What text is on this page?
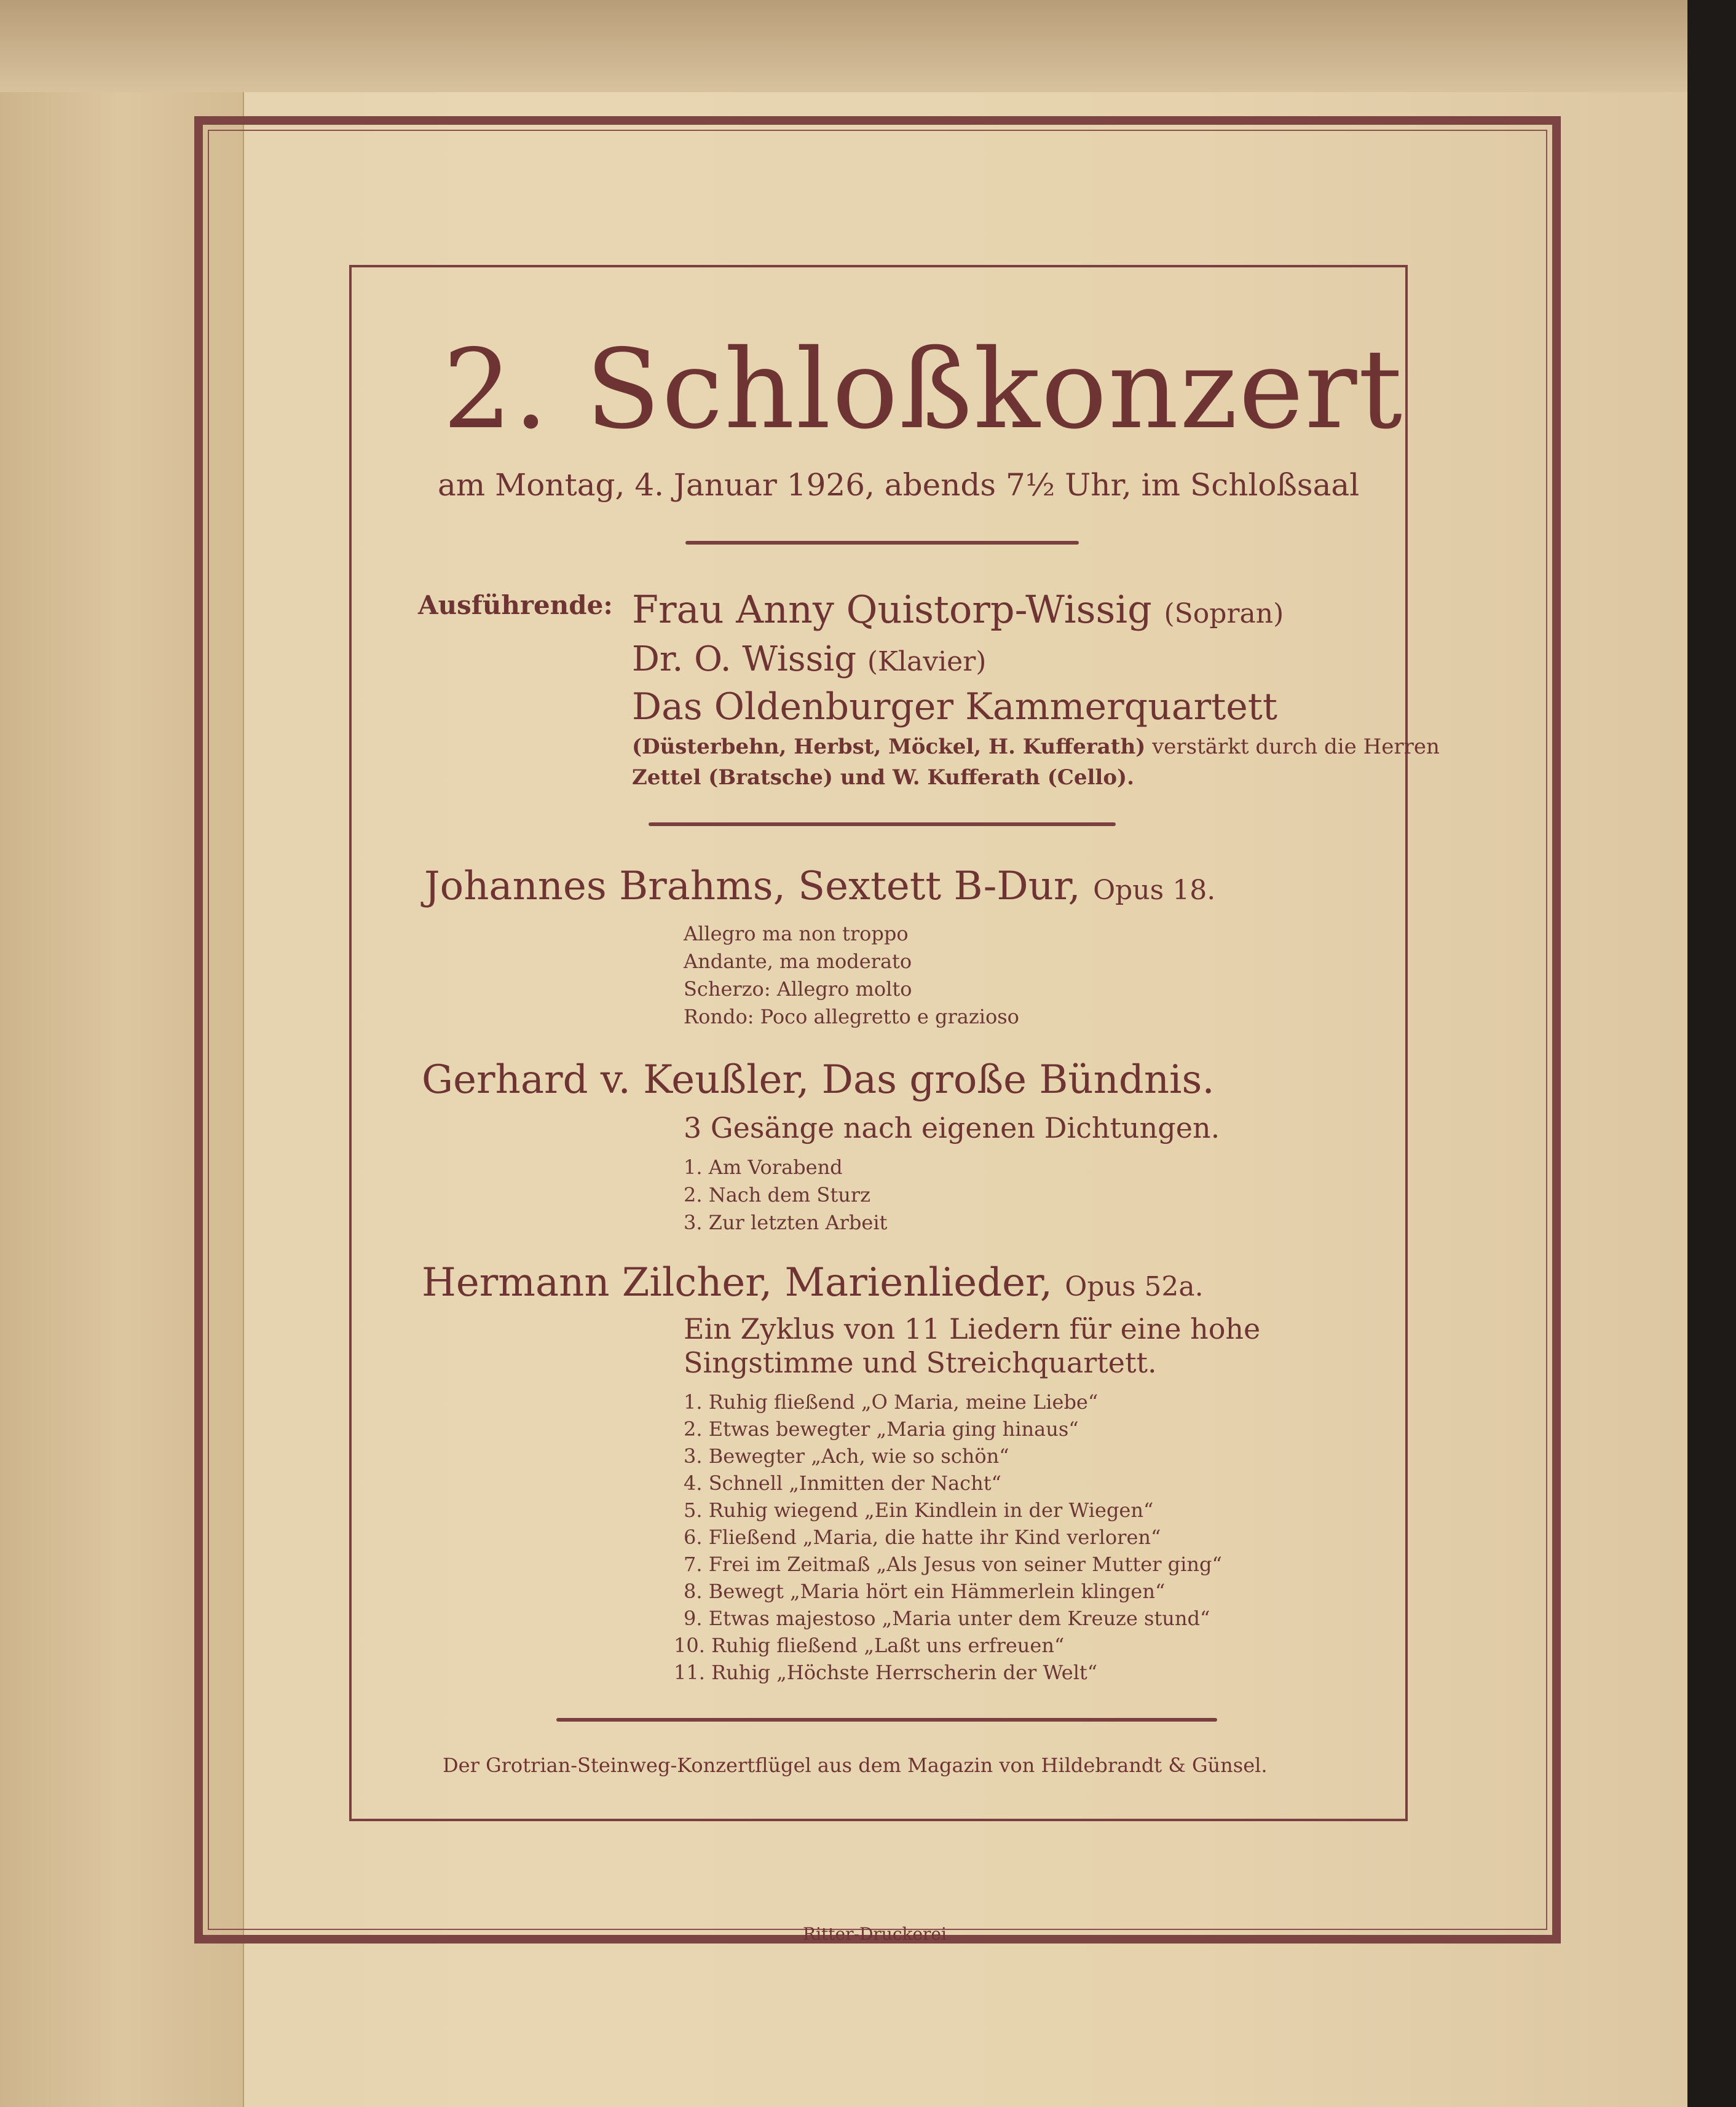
2. Schloßkonzert
am Montag, 4. Januar 1926, abends 7½ Uhr, im Schloßsaal
Ausführende: Frau Anny Quistorp-Wissig (Sopran)
Dr. O. Wissig (Klavier)
Das Oldenburger Kammerquartett
(Düsterbehn, Herbst, Möckel, H. Kufferath) verstärkt durch die Herren
Zettel (Bratsche) und W. Kufferath (Cello).
Johannes Brahms, Sextett B-Dur, Opus 18.
Allegro ma non troppo
Andante, ma moderato
Scherzo: Allegro molto
Rondo: Poco allegretto e grazioso
Gerhard v. Keußler, Das große Bündnis.
3 Gesänge nach eigenen Dichtungen.
1. Am Vorabend
2. Nach dem Sturz
3. Zur letzten Arbeit
Hermann Zilcher, Marienlieder, Opus 52a.
Ein Zyklus von 11 Liedern für eine hohe
Singstimme und Streichquartett.
1. Ruhig fließend „O Maria, meine Liebe“
2. Etwas bewegter „Maria ging hinaus“
3. Bewegter „Ach, wie so schön“
4. Schnell „Inmitten der Nacht“
5. Ruhig wiegend „Ein Kindlein in der Wiegen“
6. Fließend „Maria, die hatte ihr Kind verloren“
7. Frei im Zeitmaß „Als Jesus von seiner Mutter ging“
8. Bewegt „Maria hört ein Hämmerlein klingen“
9. Etwas majestoso „Maria unter dem Kreuze stund“
10. Ruhig fließend „Laßt uns erfreuen“
11. Ruhig „Höchste Herrscherin der Welt“
Der Grotrian-Steinweg-Konzertflügel aus dem Magazin von Hildebrandt & Günsel.
Ritter-Druckerei
